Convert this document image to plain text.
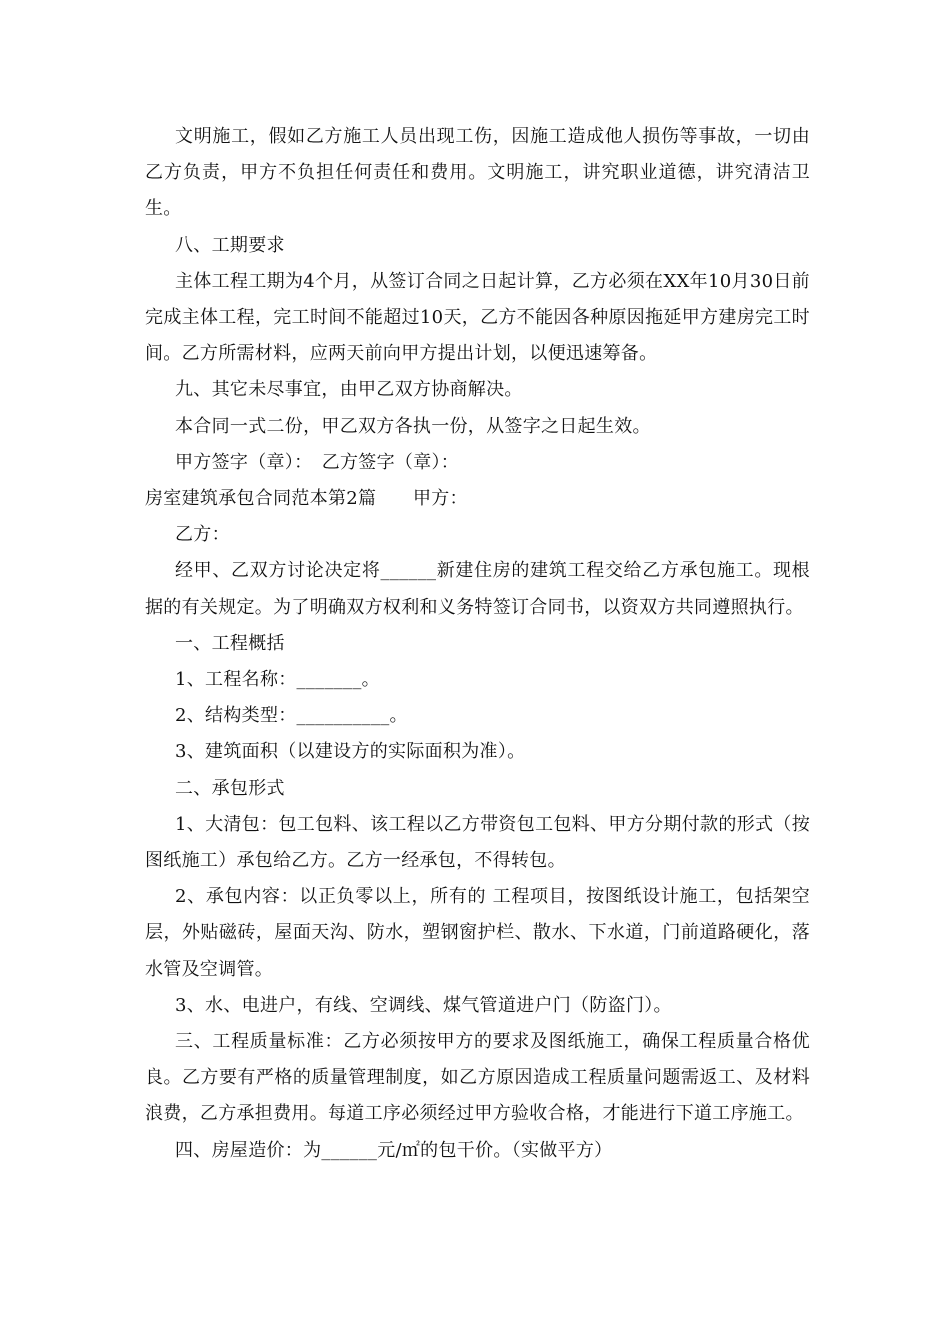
文明施工，假如乙方施工人员出现工伤，因施工造成他人损伤等事故，一切由乙方负责，甲方不负担任何责任和费用。文明施工，讲究职业道德，讲究清洁卫生。

八、工期要求

主体工程工期为4个月，从签订合同之日起计算，乙方必须在XX年10月30日前完成主体工程，完工时间不能超过10天，乙方不能因各种原因拖延甲方建房完工时间。乙方所需材料，应两天前向甲方提出计划，以便迅速筹备。

九、其它未尽事宜，由甲乙双方协商解决。

本合同一式二份，甲乙双方各执一份，从签字之日起生效。

甲方签字（章）：　乙方签字（章）：

房室建筑承包合同范本第2篇　　甲方：

乙方：

经甲、乙双方讨论决定将______新建住房的建筑工程交给乙方承包施工。现根据的有关规定。为了明确双方权利和义务特签订合同书，以资双方共同遵照执行。

一、工程概括

1、工程名称：_______。

2、结构类型：__________。

3、建筑面积（以建设方的实际面积为准）。

二、承包形式

1、大清包：包工包料、该工程以乙方带资包工包料、甲方分期付款的形式（按图纸施工）承包给乙方。乙方一经承包，不得转包。

2、承包内容：以正负零以上，所有的 工程项目，按图纸设计施工，包括架空层，外贴磁砖，屋面天沟、防水，塑钢窗护栏、散水、下水道，门前道路硬化，落水管及空调管。

3、水、电进户，有线、空调线、煤气管道进户门（防盗门）。

三、工程质量标准：乙方必须按甲方的要求及图纸施工，确保工程质量合格优良。乙方要有严格的质量管理制度，如乙方原因造成工程质量问题需返工、及材料浪费，乙方承担费用。每道工序必须经过甲方验收合格，才能进行下道工序施工。

四、房屋造价：为______元/㎡的包干价。（实做平方）
